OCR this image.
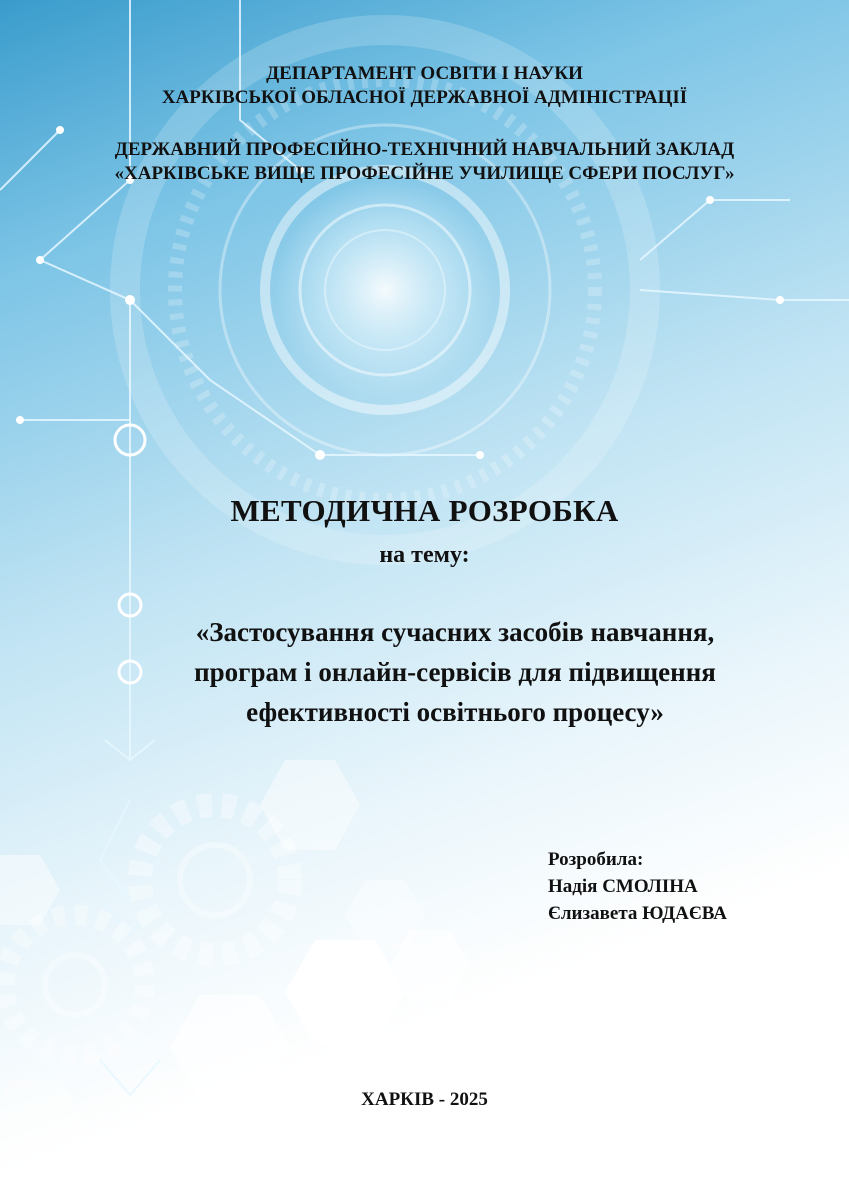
ДЕПАРТАМЕНТ ОСВІТИ І НАУКИ

ХАРКІВСЬКОЇ ОБЛАСНОЇ ДЕРЖАВНОЇ АДМІНІСТРАЦІЇ

ДЕРЖАВНИЙ ПРОФЕСІЙНО-ТЕХНІЧНИЙ НАВЧАЛЬНИЙ ЗАКЛАД

«ХАРКІВСЬКЕ ВИЩЕ ПРОФЕСІЙНЕ УЧИЛИЩЕ СФЕРИ ПОСЛУГ»

МЕТОДИЧНА РОЗРОБКА

на тему:

«Застосування сучасних засобів навчання,
програм і онлайн-сервісів для підвищення
ефективності освітнього процесу»
Розробила:
Надія СМОЛІНА
Єлизавета ЮДАЄВА

ХАРКІВ - 2025
